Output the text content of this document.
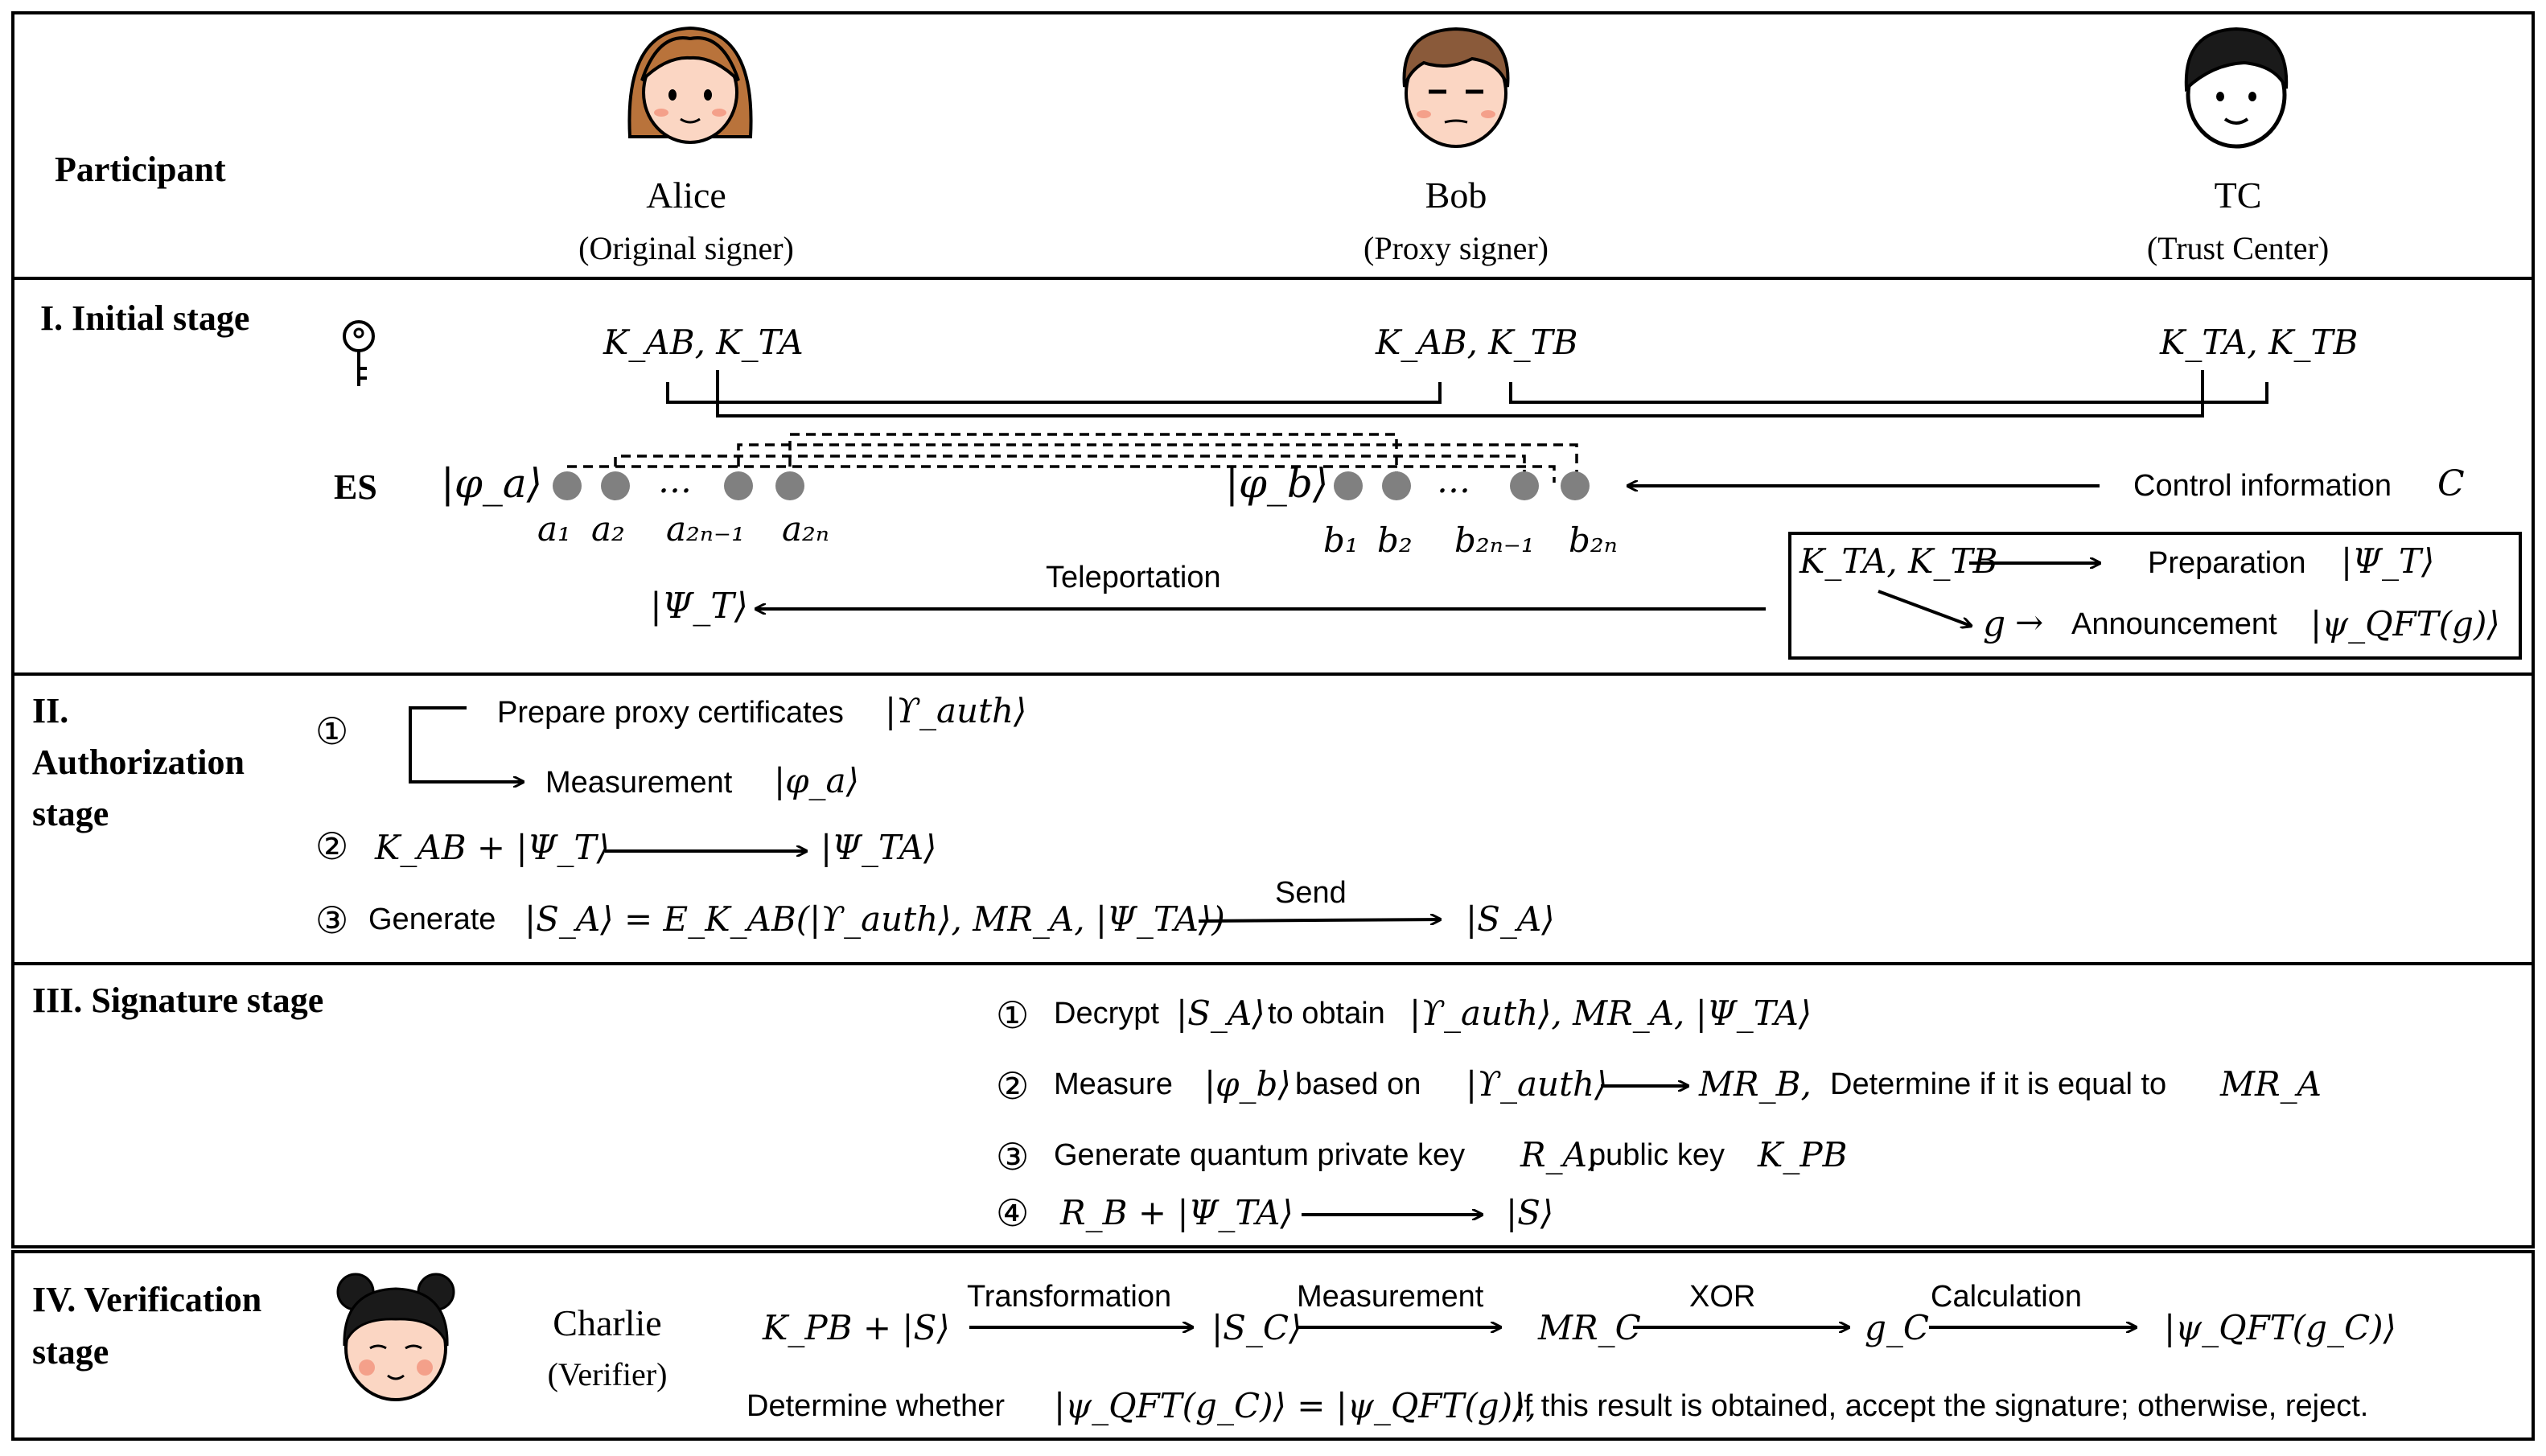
Participant
Alice
(Original signer)
Bob
(Proxy signer)
TC
(Trust Center)
I. Initial stage
K_AB, K_TA	K_AB, K_TB	K_TA, K_TB
ES |φ_a⟩	|φ_b⟩
…	…
a₁ a₂ a₂ₙ₋₁ a₂ₙ	b₁ b₂ b₂ₙ₋₁ b₂ₙ
Control information C
Teleportation
|Ψ_T⟩
K_TA, K_TB	Preparation |Ψ_T⟩
g → Announcement |ψ_QFT(g)⟩
II.
Authorization
stage
①	Prepare proxy certificates |ϒ_auth⟩
Measurement |φ_a⟩
② K_AB + |Ψ_T⟩	|Ψ_TA⟩
③ Generate |S_A⟩ = E_K_AB(|ϒ_auth⟩, MR_A, |Ψ_TA⟩)
Send
|S_A⟩
III. Signature stage	① Decrypt |S_A⟩ to obtain |ϒ_auth⟩, MR_A, |Ψ_TA⟩
② Measure |φ_b⟩ based on |ϒ_auth⟩	MR_B, Determine if it is equal to MR_A
③ Generate quantum private key R_A,
public key K_PB
④ R_B + |Ψ_TA⟩	|S⟩
IV. Verification
stage
Charlie
(Verifier)
K_PB + |S⟩
Transformation
|S_C⟩
Measurement
MR_C
XOR
g_C
Calculation
|ψ_QFT(g_C)⟩
Determine whether |ψ_QFT(g_C)⟩ = |ψ_QFT(g)⟩,
If this result is obtained, accept the signature; otherwise, reject.
